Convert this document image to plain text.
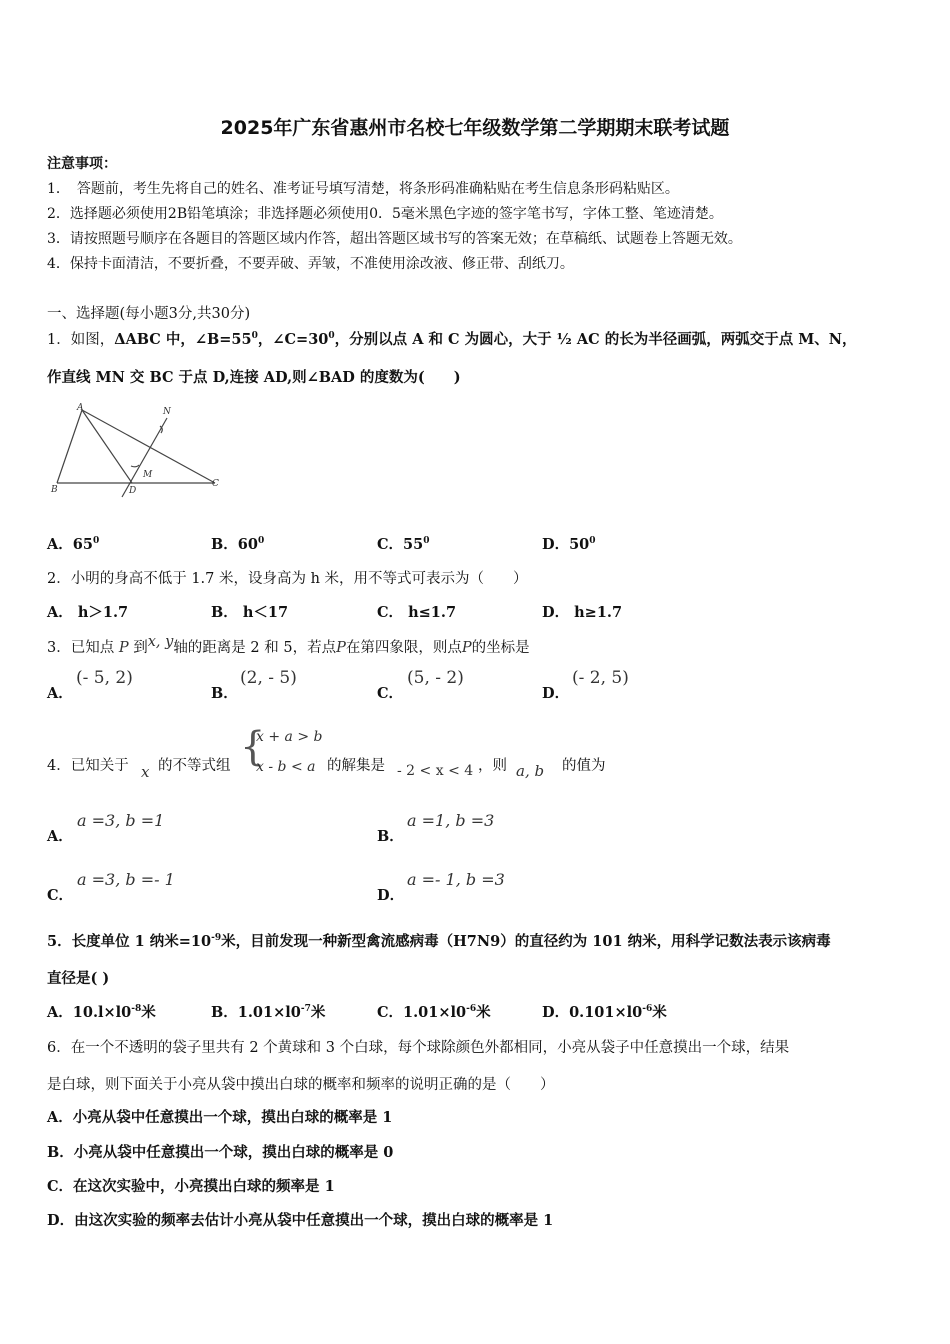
2025年广东省惠州市名校七年级数学第二学期期末联考试题
注意事项：
1．　答题前，考生先将自己的姓名、准考证号填写清楚，将条形码准确粘贴在考生信息条形码粘贴区。
2．选择题必须使用2B铅笔填涂；非选择题必须使用0．5毫米黑色字迹的签字笔书写，字体工整、笔迹清楚。
3．请按照题号顺序在各题目的答题区域内作答，超出答题区域书写的答案无效；在草稿纸、试题卷上答题无效。
4．保持卡面清洁，不要折叠，不要弄破、弄皱，不准使用涂改液、修正带、刮纸刀。
一、选择题(每小题3分,共30分)
1．如图，ΔABC 中，$\angle B=55^0$，$\angle C=30^0$，分别以点 A 和 C 为圆心，大于 ½ AC 的长为半径画弧，两弧交于点 M、N，
作直线 MN 交 BC 于点 D,连接 AD,则∠BAD 的度数为(　　)
A
B
C
D
M
N
A．$65^0$	B．$60^0$	C．$55^0$	D．$50^0$
2．小明的身高不低于 1.7 米，设身高为 h 米，用不等式可表示为（　　）
A． h＞1.7	B． h＜17	C． h≤1.7	D． h≥1.7
3．已知点 P 到x, y轴的距离是 2 和 5，若点P在第四象限，则点P的坐标是
A．
(- 5, 2)
B．
(2, - 5)
C．
(5, - 2)
D．
(- 2, 5)
4．已知关于 x 的不等式组 {
x + a > b
x - b < a 的解集是 - 2 < x < 4 ，则 a, b 的值为
A．
a =3, b =1
B．
a =1, b =3
C．
a =3, b =- 1
D．
a =- 1, b =3
5．长度单位 1 纳米$=10^{-9}$米，目前发现一种新型禽流感病毒（H7N9）的直径约为 101 纳米，用科学记数法表示该病毒
直径是( )
A．$10.l\times l0^{-8}$米	B．$1.01\times l0^{-7}$米	C．$1.01\times l0^{-6}$米	D．$0.101\times l0^{-6}$米
6．在一个不透明的袋子里共有 2 个黄球和 3 个白球，每个球除颜色外都相同，小亮从袋子中任意摸出一个球，结果
是白球，则下面关于小亮从袋中摸出白球的概率和频率的说明正确的是（　　）
A．小亮从袋中任意摸出一个球，摸出白球的概率是 1
B．小亮从袋中任意摸出一个球，摸出白球的概率是 0
C．在这次实验中，小亮摸出白球的频率是 1
D．由这次实验的频率去估计小亮从袋中任意摸出一个球，摸出白球的概率是 1
